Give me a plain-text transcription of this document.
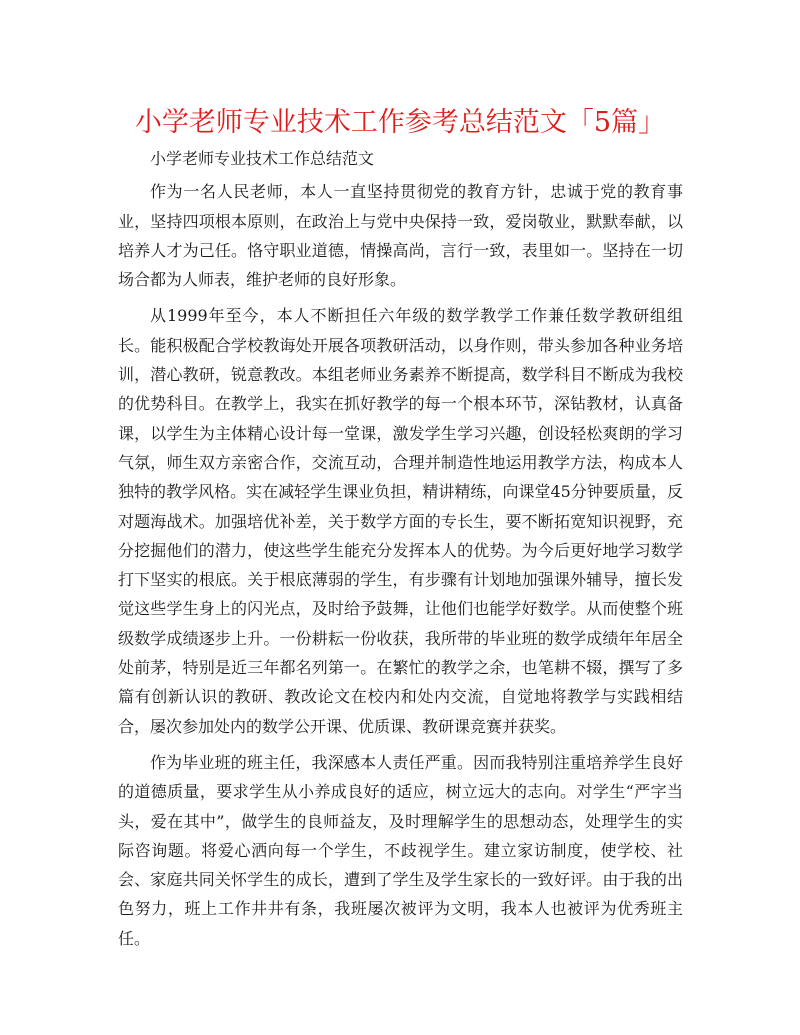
小学老师专业技术工作参考总结范文「5篇」

小学老师专业技术工作总结范文

作为一名人民老师，本人一直坚持贯彻党的教育方针，忠诚于党的教育事业，坚持四项根本原则，在政治上与党中央保持一致，爱岗敬业，默默奉献，以培养人才为己任。恪守职业道德，情操高尚，言行一致，表里如一。坚持在一切场合都为人师表，维护老师的良好形象。

从1999年至今，本人不断担任六年级的数学教学工作兼任数学教研组组长。能积极配合学校教诲处开展各项教研活动，以身作则，带头参加各种业务培训，潜心教研，锐意教改。本组老师业务素养不断提高，数学科目不断成为我校的优势科目。在教学上，我实在抓好教学的每一个根本环节，深钻教材，认真备课，以学生为主体精心设计每一堂课，激发学生学习兴趣，创设轻松爽朗的学习气氛，师生双方亲密合作，交流互动，合理并制造性地运用教学方法，构成本人独特的教学风格。实在减轻学生课业负担，精讲精练，向课堂45分钟要质量，反对题海战术。加强培优补差，关于数学方面的专长生，要不断拓宽知识视野，充分挖掘他们的潜力，使这些学生能充分发挥本人的优势。为今后更好地学习数学打下坚实的根底。关于根底薄弱的学生，有步骤有计划地加强课外辅导，擅长发觉这些学生身上的闪光点，及时给予鼓舞，让他们也能学好数学。从而使整个班级数学成绩逐步上升。一份耕耘一份收获，我所带的毕业班的数学成绩年年居全处前茅，特别是近三年都名列第一。在繁忙的教学之余，也笔耕不辍，撰写了多篇有创新认识的教研、教改论文在校内和处内交流，自觉地将教学与实践相结合，屡次参加处内的数学公开课、优质课、教研课竞赛并获奖。

作为毕业班的班主任，我深感本人责任严重。因而我特别注重培养学生良好的道德质量，要求学生从小养成良好的适应，树立远大的志向。对学生“严字当头，爱在其中”，做学生的良师益友，及时理解学生的思想动态，处理学生的实际咨询题。将爱心洒向每一个学生，不歧视学生。建立家访制度，使学校、社会、家庭共同关怀学生的成长，遭到了学生及学生家长的一致好评。由于我的出色努力，班上工作井井有条，我班屡次被评为文明，我本人也被评为优秀班主任。
